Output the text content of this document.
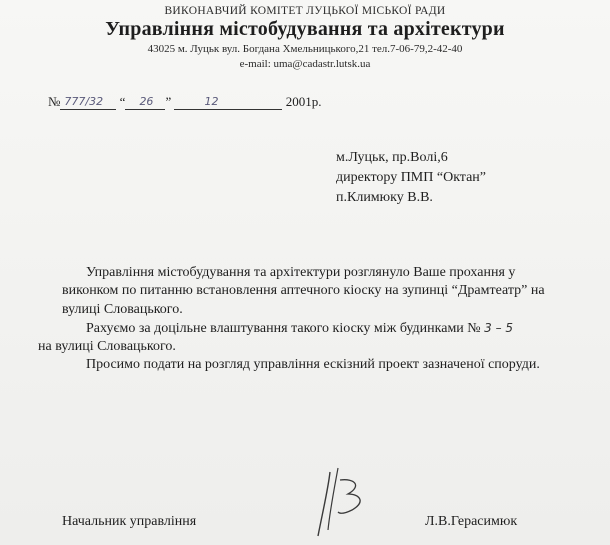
ВИКОНАВЧИЙ КОМІТЕТ ЛУЦЬКОЇ МІСЬКОЇ РАДИ
Управління містобудування та архітектури
43025 м. Луцьк вул. Богдана Хмельницького,21 тел.7-06-79,2-42-40
e-mail: uma@cadastr.lutsk.ua
№ 777/32 “ 26 ”	12	2001р.
м.Луцьк, пр.Волі,6
директору ПМП “Октан”
п.Климюку В.В.

Управління містобудування та архітектури розглянуло Ваше прохання у виконком по питанню встановлення аптечного кіоску на зупинці “Драмтеатр” на вулиці Словацького.

Рахуємо за доцільне влаштування такого кіоску між будинками № 3 – 5
на вулиці Словацького.

Просимо подати на розгляд управління ескізний проект зазначеної споруди.

Начальник управління	Л.В.Герасимюк
